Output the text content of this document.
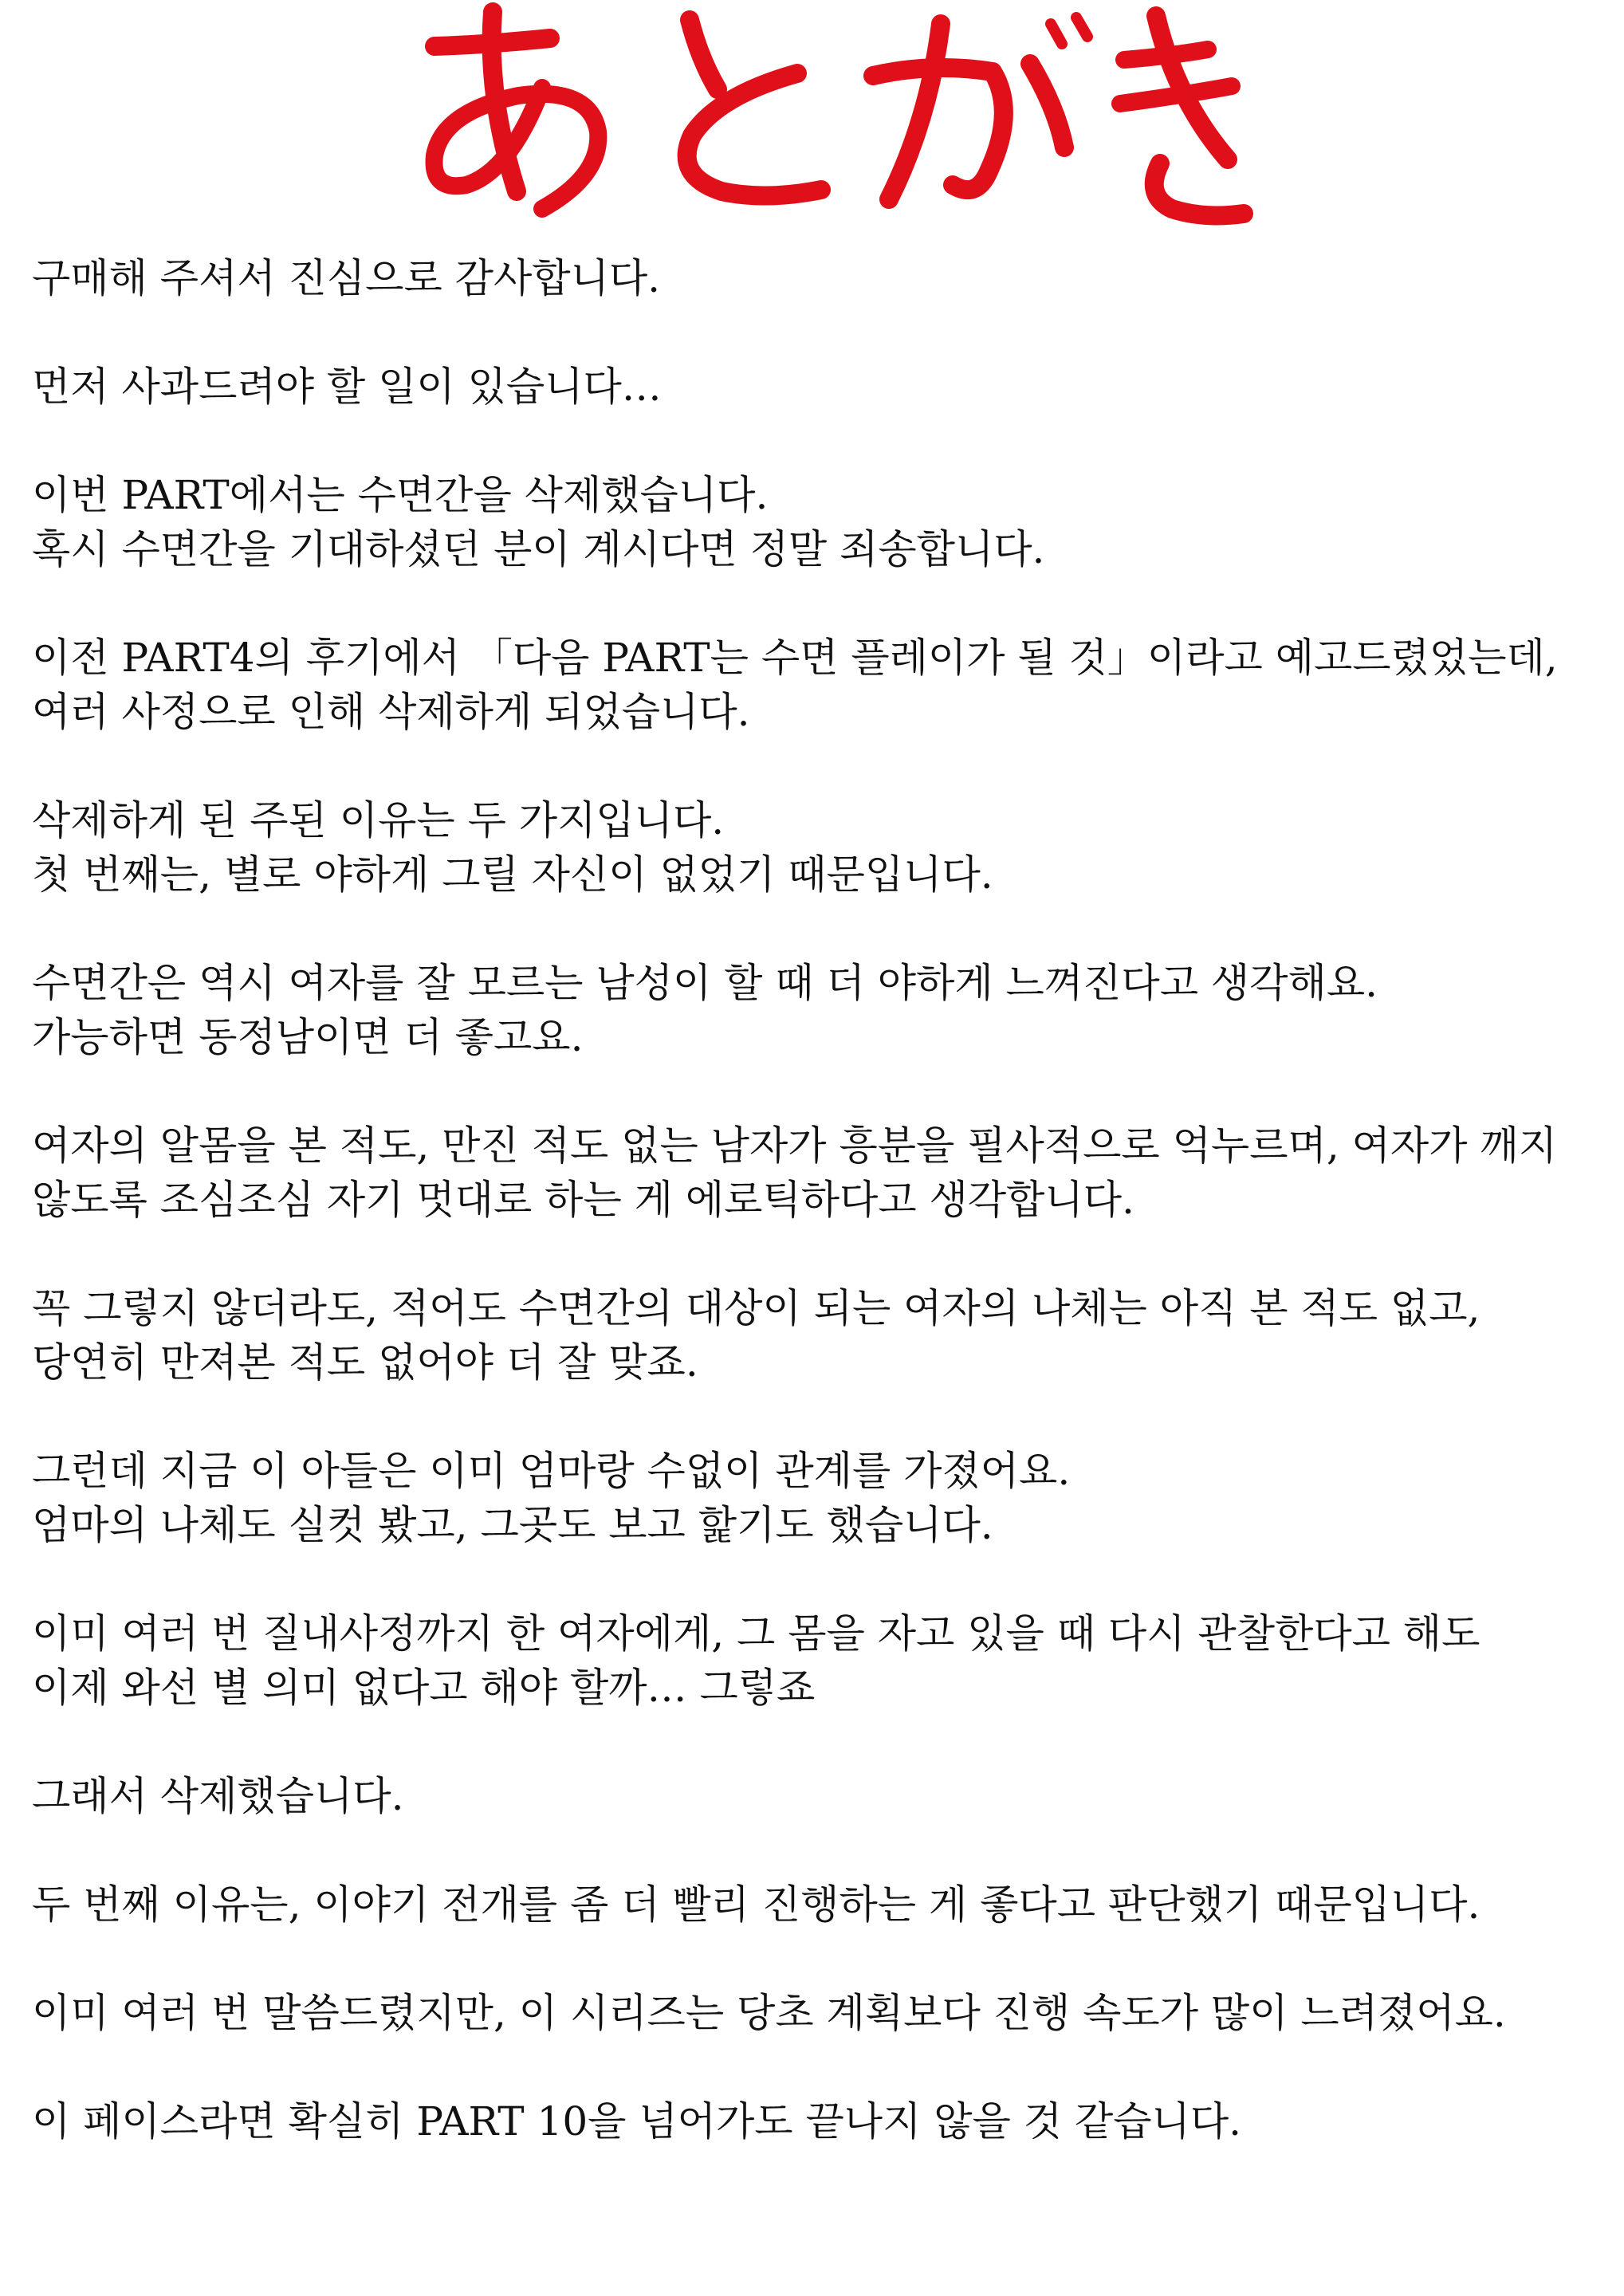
구매해 주셔서 진심으로 감사합니다.
먼저 사과드려야 할 일이 있습니다…
이번 PART에서는 수면간을 삭제했습니다.
혹시 수면간을 기대하셨던 분이 계시다면 정말 죄송합니다.
이전 PART4의 후기에서 「다음 PART는 수면 플레이가 될 것」이라고 예고드렸었는데,
여러 사정으로 인해 삭제하게 되었습니다.
삭제하게 된 주된 이유는 두 가지입니다.
첫 번째는, 별로 야하게 그릴 자신이 없었기 때문입니다.
수면간은 역시 여자를 잘 모르는 남성이 할 때 더 야하게 느껴진다고 생각해요.
가능하면 동정남이면 더 좋고요.
여자의 알몸을 본 적도, 만진 적도 없는 남자가 흥분을 필사적으로 억누르며, 여자가 깨지
않도록 조심조심 자기 멋대로 하는 게 에로틱하다고 생각합니다.
꼭 그렇지 않더라도, 적어도 수면간의 대상이 되는 여자의 나체는 아직 본 적도 없고,
당연히 만져본 적도 없어야 더 잘 맞죠.
그런데 지금 이 아들은 이미 엄마랑 수없이 관계를 가졌어요.
엄마의 나체도 실컷 봤고, 그곳도 보고 핥기도 했습니다.
이미 여러 번 질내사정까지 한 여자에게, 그 몸을 자고 있을 때 다시 관찰한다고 해도
이제 와선 별 의미 없다고 해야 할까… 그렇죠
그래서 삭제했습니다.
두 번째 이유는, 이야기 전개를 좀 더 빨리 진행하는 게 좋다고 판단했기 때문입니다.
이미 여러 번 말씀드렸지만, 이 시리즈는 당초 계획보다 진행 속도가 많이 느려졌어요.
이 페이스라면 확실히 PART 10을 넘어가도 끝나지 않을 것 같습니다.
